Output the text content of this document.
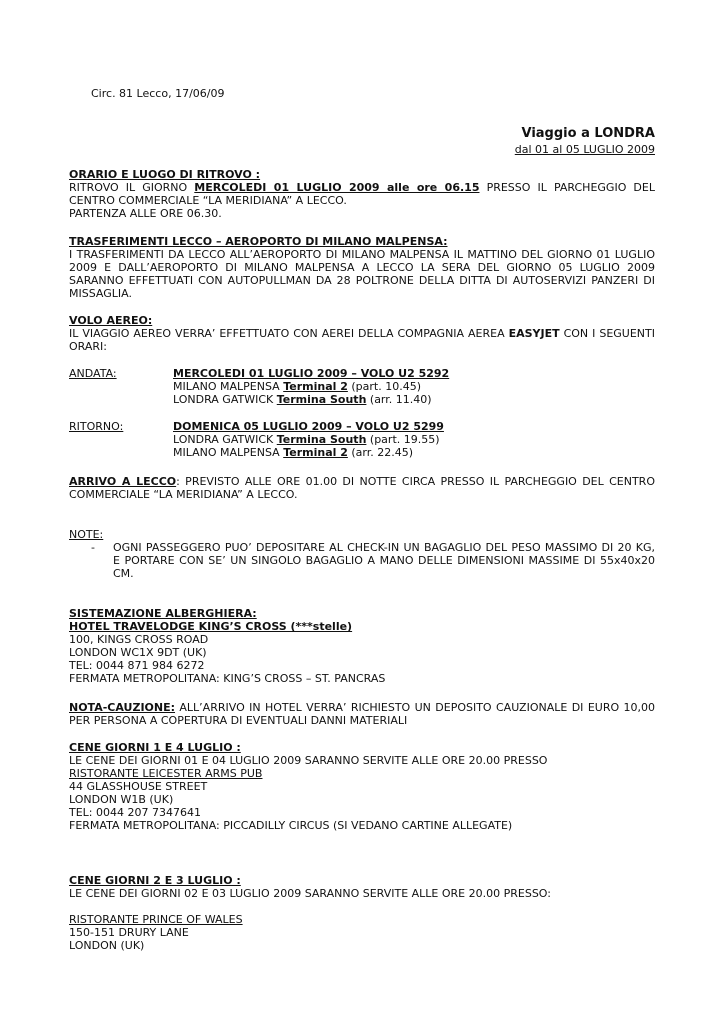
Circ. 81 Lecco, 17/06/09
Viaggio a LONDRA
dal 01 al 05 LUGLIO 2009

ORARIO E LUOGO DI RITROVO :

RITROVO IL GIORNO MERCOLEDI 01 LUGLIO 2009 alle ore 06.15 PRESSO IL PARCHEGGIO DEL CENTRO COMMERCIALE “LA MERIDIANA” A LECCO.

PARTENZA ALLE ORE 06.30.

TRASFERIMENTI LECCO – AEROPORTO DI MILANO MALPENSA:

I TRASFERIMENTI DA LECCO ALL’AEROPORTO DI MILANO MALPENSA IL MATTINO DEL GIORNO 01 LUGLIO 2009 E DALL’AEROPORTO DI MILANO MALPENSA A LECCO LA SERA DEL GIORNO 05 LUGLIO 2009 SARANNO EFFETTUATI CON AUTOPULLMAN DA 28 POLTRONE DELLA DITTA DI AUTOSERVIZI PANZERI DI MISSAGLIA.

VOLO AEREO:

IL VIAGGIO AEREO VERRA’ EFFETTUATO CON AEREI DELLA COMPAGNIA AEREA EASYJET CON I SEGUENTI ORARI:

ANDATA:	MERCOLEDI 01 LUGLIO 2009 – VOLO U2 5292

MILANO MALPENSA Terminal 2 (part. 10.45)

LONDRA GATWICK Termina South (arr. 11.40)

RITORNO:	DOMENICA 05 LUGLIO 2009 – VOLO U2 5299

LONDRA GATWICK Termina South (part. 19.55)

MILANO MALPENSA Terminal 2 (arr. 22.45)

ARRIVO A LECCO: PREVISTO ALLE ORE 01.00 DI NOTTE CIRCA PRESSO IL PARCHEGGIO DEL CENTRO COMMERCIALE “LA MERIDIANA” A LECCO.

NOTE:

- OGNI PASSEGGERO PUO’ DEPOSITARE AL CHECK-IN UN BAGAGLIO DEL PESO MASSIMO DI 20 KG, E PORTARE CON SE’ UN SINGOLO BAGAGLIO A MANO DELLE DIMENSIONI MASSIME DI 55x40x20 CM.

SISTEMAZIONE ALBERGHIERA:

HOTEL TRAVELODGE KING’S CROSS (***stelle)

100, KINGS CROSS ROAD

LONDON WC1X 9DT (UK)

TEL: 0044 871 984 6272

FERMATA METROPOLITANA: KING’S CROSS – ST. PANCRAS

NOTA-CAUZIONE: ALL’ARRIVO IN HOTEL VERRA’ RICHIESTO UN DEPOSITO CAUZIONALE DI EURO 10,00 PER PERSONA A COPERTURA DI EVENTUALI DANNI MATERIALI

CENE GIORNI 1 E 4 LUGLIO :

LE CENE DEI GIORNI 01 E 04 LUGLIO 2009 SARANNO SERVITE ALLE ORE 20.00 PRESSO

RISTORANTE LEICESTER ARMS PUB

44 GLASSHOUSE STREET

LONDON W1B (UK)

TEL: 0044 207 7347641

FERMATA METROPOLITANA: PICCADILLY CIRCUS (SI VEDANO CARTINE ALLEGATE)

CENE GIORNI 2 E 3 LUGLIO :

LE CENE DEI GIORNI 02 E 03 LUGLIO 2009 SARANNO SERVITE ALLE ORE 20.00 PRESSO:

RISTORANTE PRINCE OF WALES

150-151 DRURY LANE

LONDON (UK)
